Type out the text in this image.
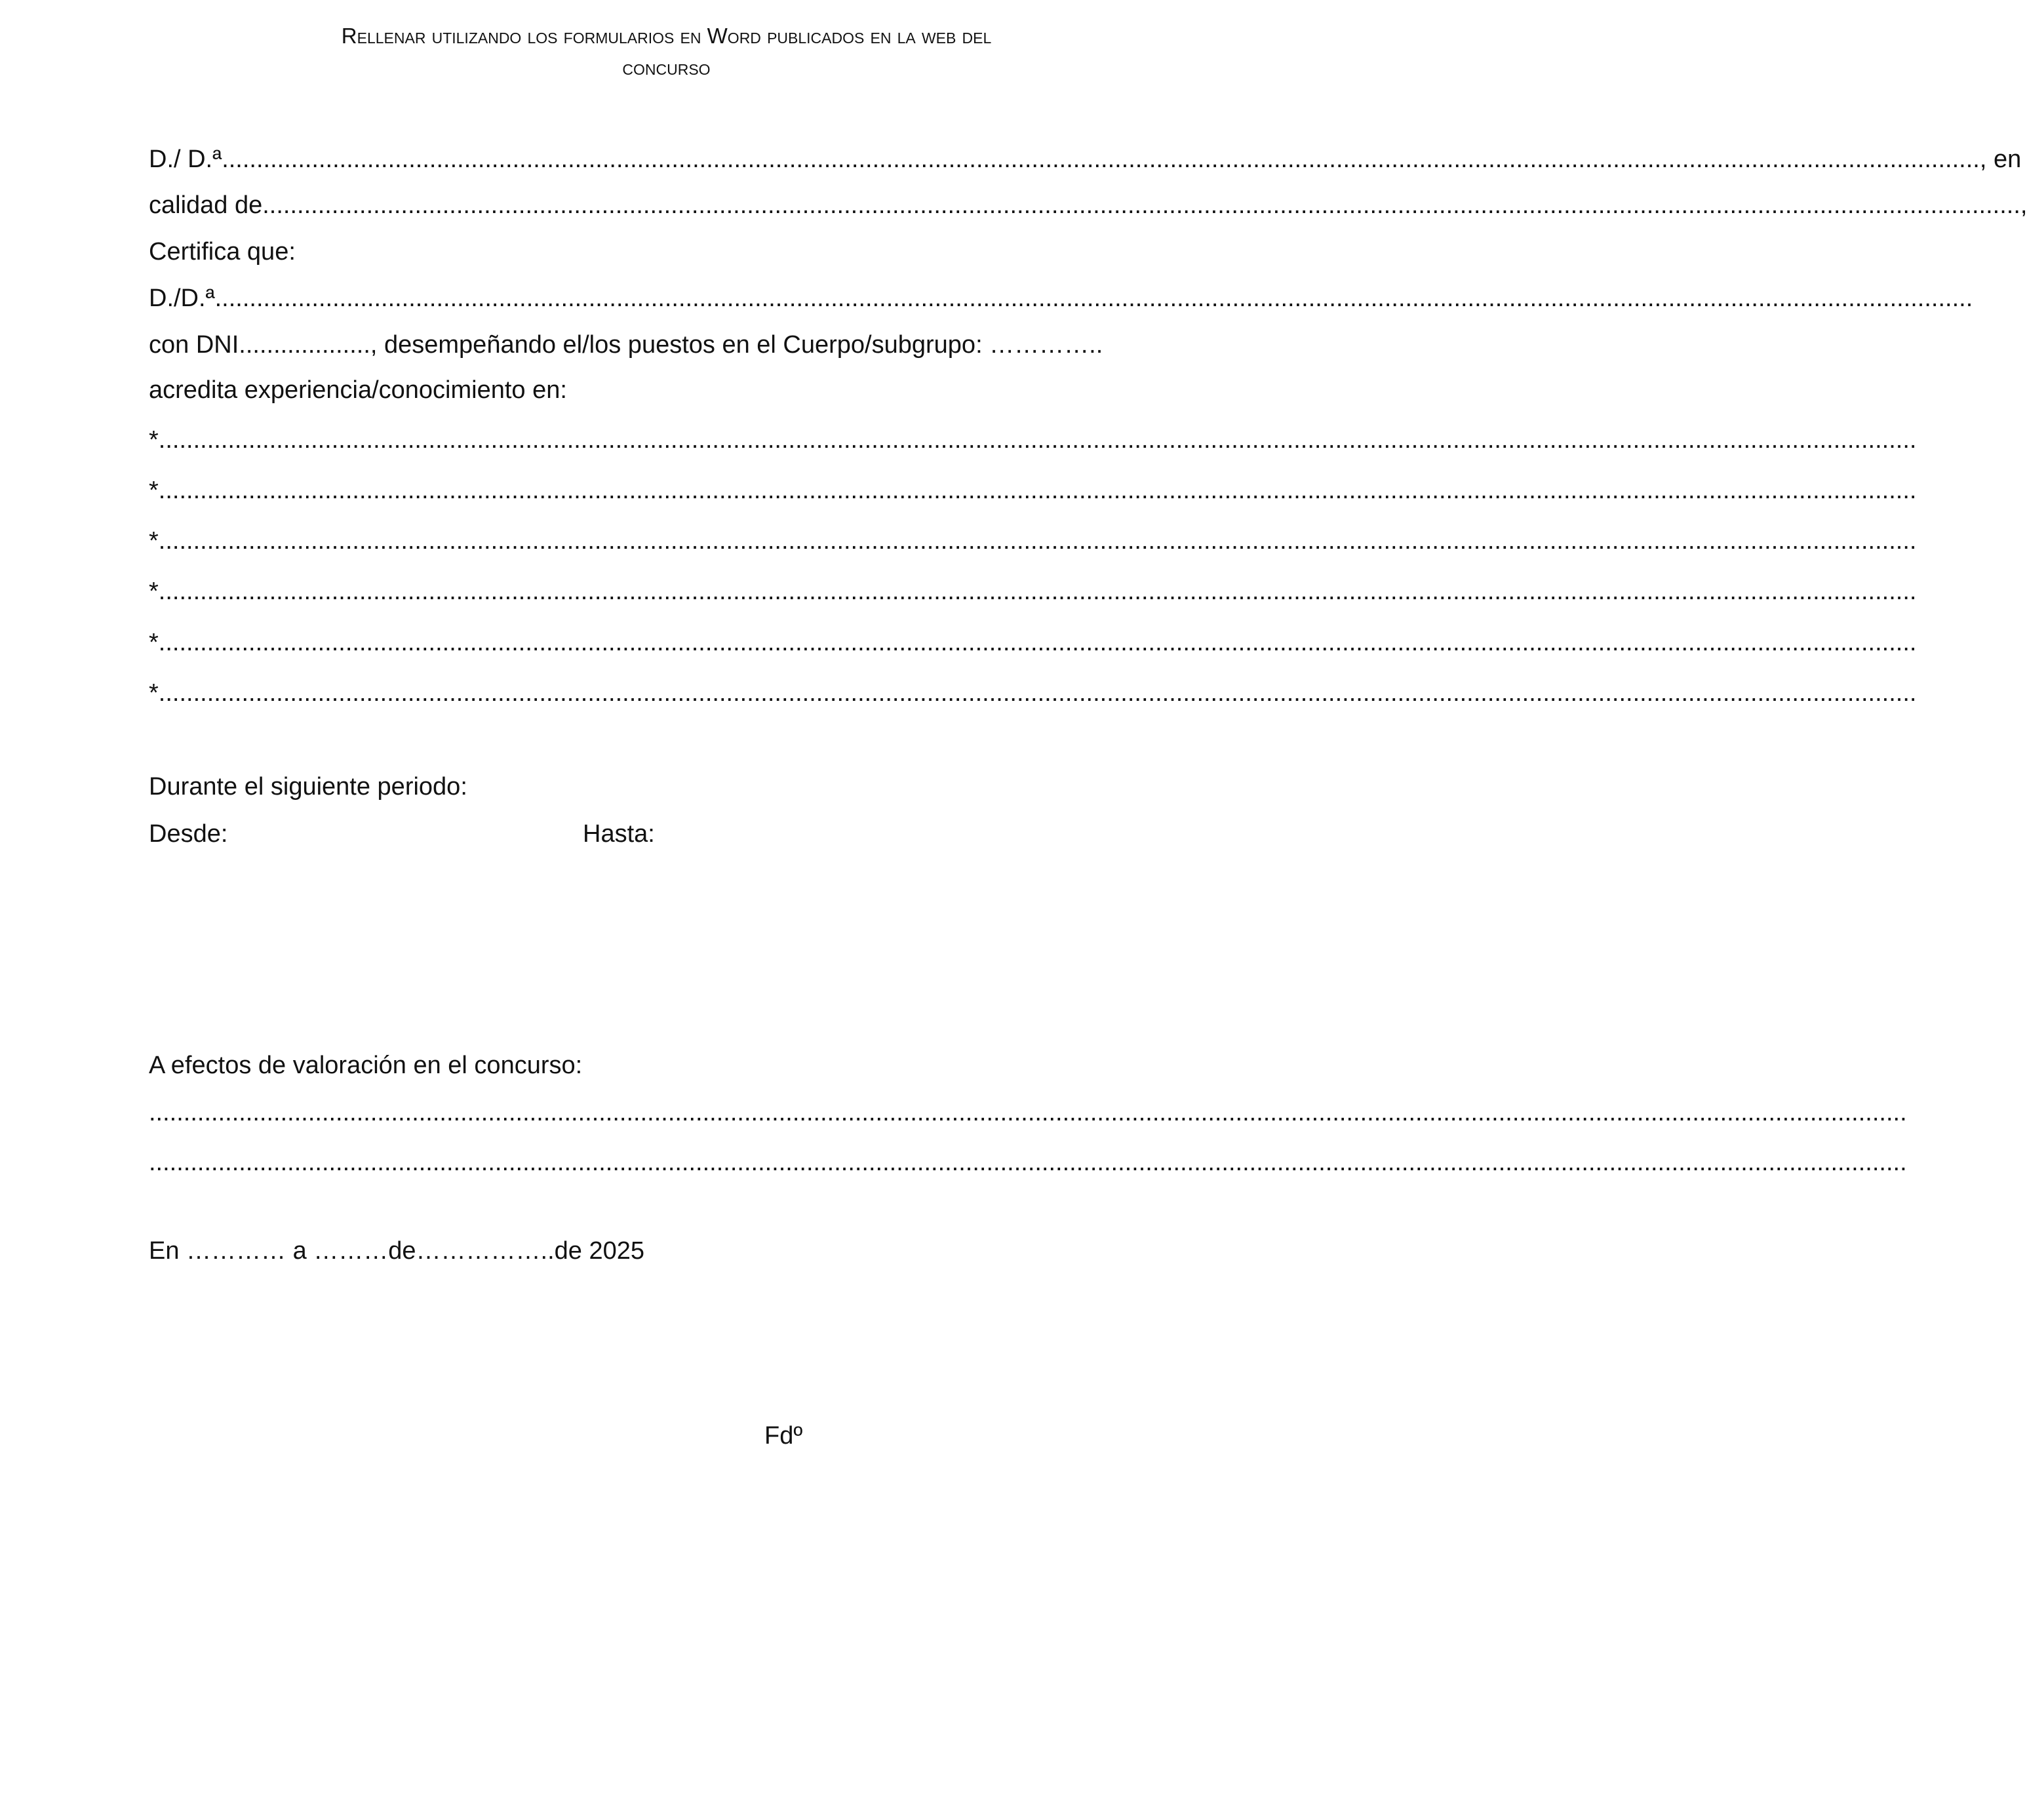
Rellenar utilizando los formularios en Word publicados en la web del
concurso
D./ D.ª .............................................................................................................................................................................................................................................................. , en
calidad de .............................................................................................................................................................................................................................................................. ,
Certifica que:
D./D.ª ..............................................................................................................................................................................................................................................................
con DNI ..................., desempeñando el/los puestos en el Cuerpo/subgrupo: …………..
acredita experiencia/conocimiento en:
* ..............................................................................................................................................................................................................................................................
* ..............................................................................................................................................................................................................................................................
* ..............................................................................................................................................................................................................................................................
* ..............................................................................................................................................................................................................................................................
* ..............................................................................................................................................................................................................................................................
* ..............................................................................................................................................................................................................................................................
Durante el siguiente periodo:
Desde:	Hasta:
A efectos de valoración en el concurso:
..............................................................................................................................................................................................................................................................
..............................................................................................................................................................................................................................................................
En ………… a ………de……………..de 2025
Fdº
